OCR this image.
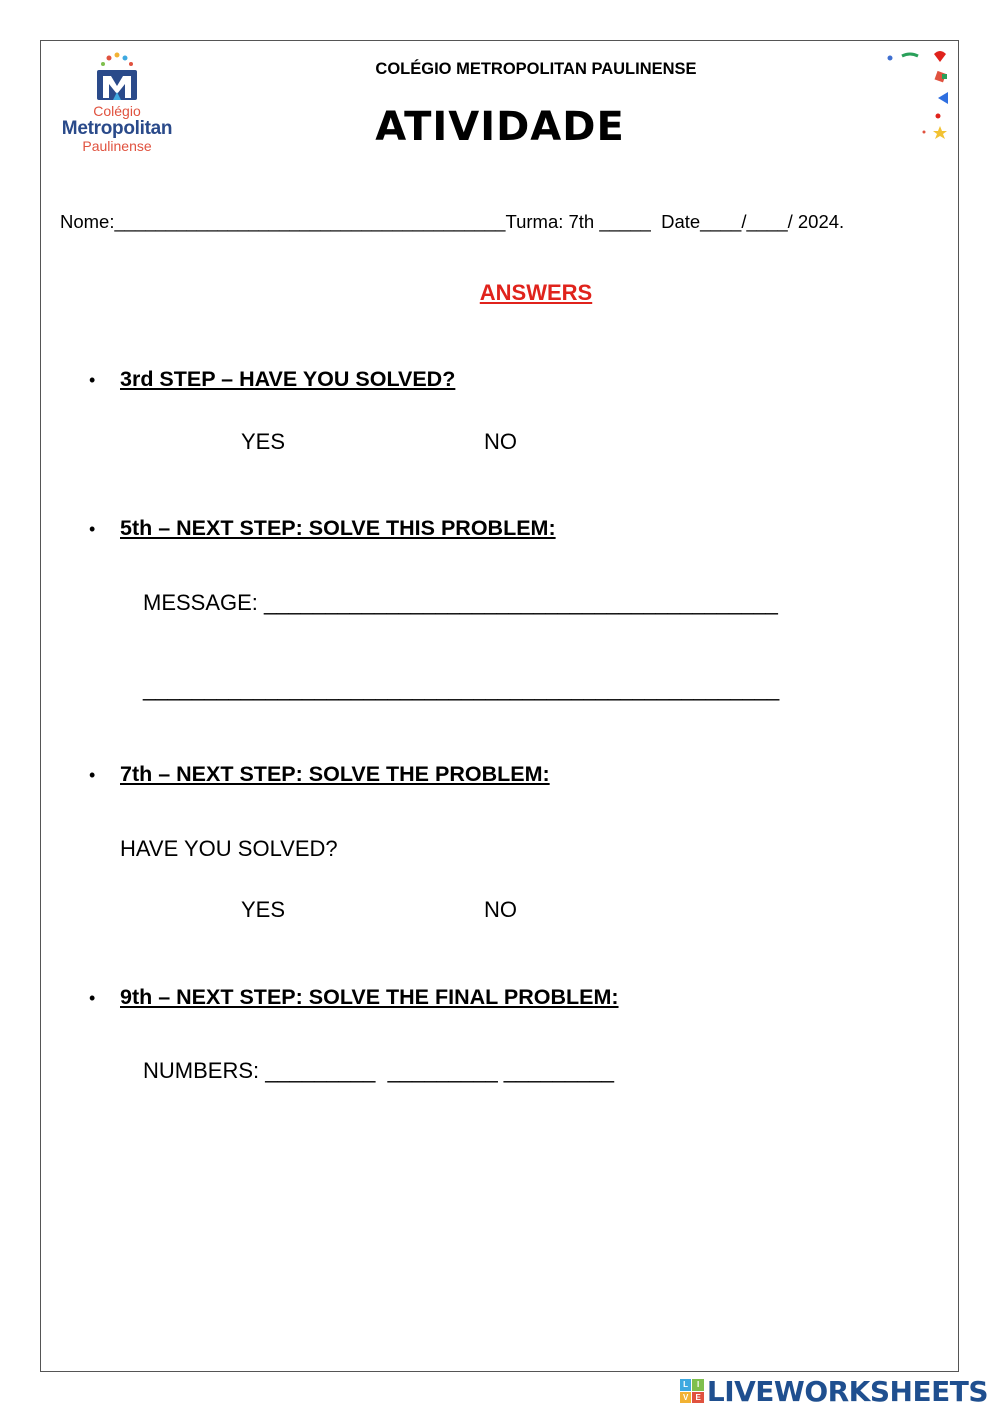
Colégio
Metropolitan
Paulinense
COLÉGIO METROPOLITAN PAULINENSE
ATIVIDADE
Nome:______________________________________Turma: 7th _____  Date____/____/ 2024.
ANSWERS
• 3rd STEP – HAVE YOU SOLVED?
YES	NO
• 5th – NEXT STEP: SOLVE THIS PROBLEM:
MESSAGE: __________________________________________
____________________________________________________
• 7th – NEXT STEP: SOLVE THE PROBLEM:
HAVE YOU SOLVED?
YES	NO
• 9th – NEXT STEP: SOLVE THE FINAL PROBLEM:
NUMBERS: _________  _________ _________
L	I
V E LIVEWORKSHEETS
